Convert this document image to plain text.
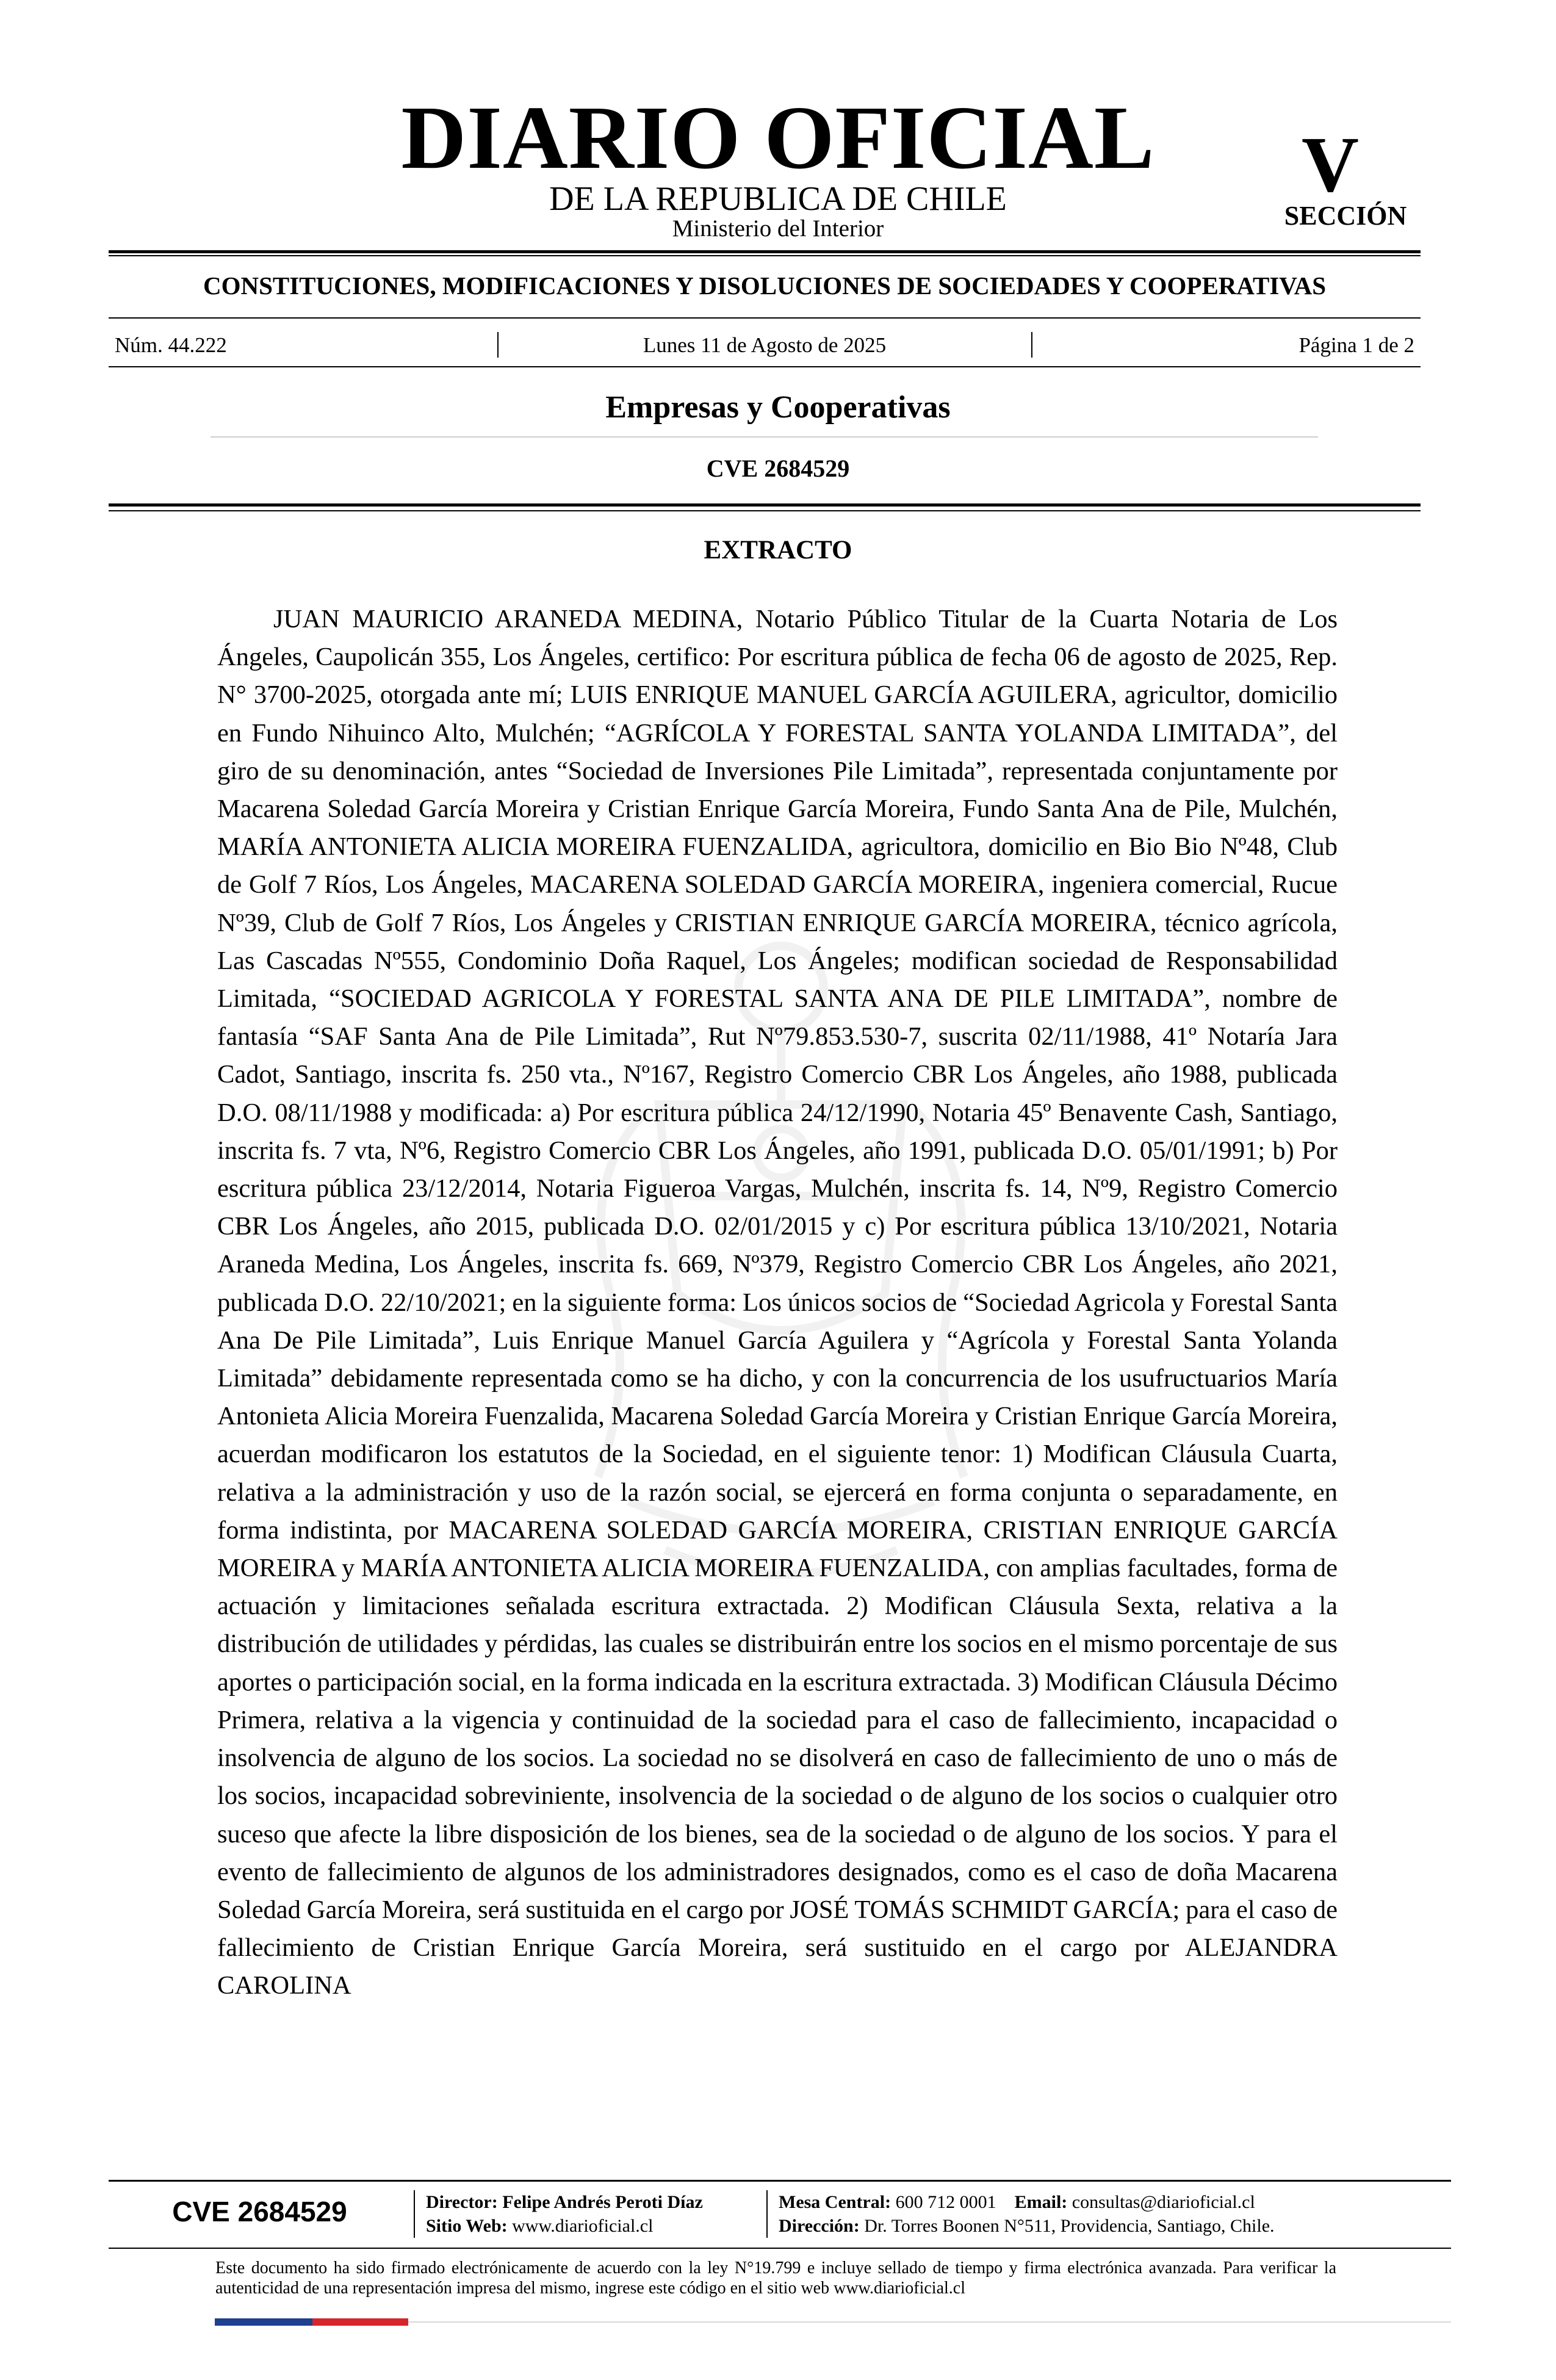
DIARIO OFICIAL
DE LA REPUBLICA DE CHILE
Ministerio del Interior
V
SECCIÓN
CONSTITUCIONES, MODIFICACIONES Y DISOLUCIONES DE SOCIEDADES Y COOPERATIVAS
Núm. 44.222	Lunes 11 de Agosto de 2025	Página 1 de 2
Empresas y Cooperativas
CVE 2684529
EXTRACTO

JUAN MAURICIO ARANEDA MEDINA, Notario Público Titular de la Cuarta Notaria de Los Ángeles, Caupolicán 355, Los Ángeles, certifico: Por escritura pública de fecha 06 de agosto de 2025, Rep. N° 3700-2025, otorgada ante mí; LUIS ENRIQUE MANUEL GARCÍA AGUILERA, agricultor, domicilio en Fundo Nihuinco Alto, Mulchén; “AGRÍCOLA Y FORESTAL SANTA YOLANDA LIMITADA”, del giro de su denominación, antes “Sociedad de Inversiones Pile Limitada”, representada conjuntamente por Macarena Soledad García Moreira y Cristian Enrique García Moreira, Fundo Santa Ana de Pile, Mulchén, MARÍA ANTONIETA ALICIA MOREIRA FUENZALIDA, agricultora, domicilio en Bio Bio Nº48, Club de Golf 7 Ríos, Los Ángeles, MACARENA SOLEDAD GARCÍA MOREIRA, ingeniera comercial, Rucue Nº39, Club de Golf 7 Ríos, Los Ángeles y CRISTIAN ENRIQUE GARCÍA MOREIRA, técnico agrícola, Las Cascadas Nº555, Condominio Doña Raquel, Los Ángeles; modifican sociedad de Responsabilidad Limitada, “SOCIEDAD AGRICOLA Y FORESTAL SANTA ANA DE PILE LIMITADA”, nombre de fantasía “SAF Santa Ana de Pile Limitada”, Rut Nº79.853.530-7, suscrita 02/11/1988, 41º Notaría Jara Cadot, Santiago, inscrita fs. 250 vta., Nº167, Registro Comercio CBR Los Ángeles, año 1988, publicada D.O. 08/11/1988 y modificada: a) Por escritura pública 24/12/1990, Notaria 45º Benavente Cash, Santiago, inscrita fs. 7 vta, Nº6, Registro Comercio CBR Los Ángeles, año 1991, publicada D.O. 05/01/1991; b) Por escritura pública 23/12/2014, Notaria Figueroa Vargas, Mulchén, inscrita fs. 14, Nº9, Registro Comercio CBR Los Ángeles, año 2015, publicada D.O. 02/01/2015 y c) Por escritura pública 13/10/2021, Notaria Araneda Medina, Los Ángeles, inscrita fs. 669, Nº379, Registro Comercio CBR Los Ángeles, año 2021, publicada D.O. 22/10/2021; en la siguiente forma: Los únicos socios de “Sociedad Agricola y Forestal Santa Ana De Pile Limitada”, Luis Enrique Manuel García Aguilera y “Agrícola y Forestal Santa Yolanda Limitada” debidamente representada como se ha dicho, y con la concurrencia de los usufructuarios María Antonieta Alicia Moreira Fuenzalida, Macarena Soledad García Moreira y Cristian Enrique García Moreira, acuerdan modificaron los estatutos de la Sociedad, en el siguiente tenor: 1) Modifican Cláusula Cuarta, relativa a la administración y uso de la razón social, se ejercerá en forma conjunta o separadamente, en forma indistinta, por MACARENA SOLEDAD GARCÍA MOREIRA, CRISTIAN ENRIQUE GARCÍA MOREIRA y MARÍA ANTONIETA ALICIA MOREIRA FUENZALIDA, con amplias facultades, forma de actuación y limitaciones señalada escritura extractada. 2) Modifican Cláusula Sexta, relativa a la distribución de utilidades y pérdidas, las cuales se distribuirán entre los socios en el mismo porcentaje de sus aportes o participación social, en la forma indicada en la escritura extractada. 3) Modifican Cláusula Décimo Primera, relativa a la vigencia y continuidad de la sociedad para el caso de fallecimiento, incapacidad o insolvencia de alguno de los socios. La sociedad no se disolverá en caso de fallecimiento de uno o más de los socios, incapacidad sobreviniente, insolvencia de la sociedad o de alguno de los socios o cualquier otro suceso que afecte la libre disposición de los bienes, sea de la sociedad o de alguno de los socios. Y para el evento de fallecimiento de algunos de los administradores designados, como es el caso de doña Macarena Soledad García Moreira, será sustituida en el cargo por JOSÉ TOMÁS SCHMIDT GARCÍA; para el caso de fallecimiento de Cristian Enrique García Moreira, será sustituido en el cargo por ALEJANDRA CAROLINA

CVE 2684529	Director: Felipe Andrés Peroti Díaz
Sitio Web: www.diarioficial.cl
Mesa Central: 600 712 0001 Email: consultas@diarioficial.cl
Dirección: Dr. Torres Boonen N°511, Providencia, Santiago, Chile.

Este documento ha sido firmado electrónicamente de acuerdo con la ley N°19.799 e incluye sellado de tiempo y firma electrónica avanzada. Para verificar la autenticidad de una representación impresa del mismo, ingrese este código en el sitio web www.diarioficial.cl
